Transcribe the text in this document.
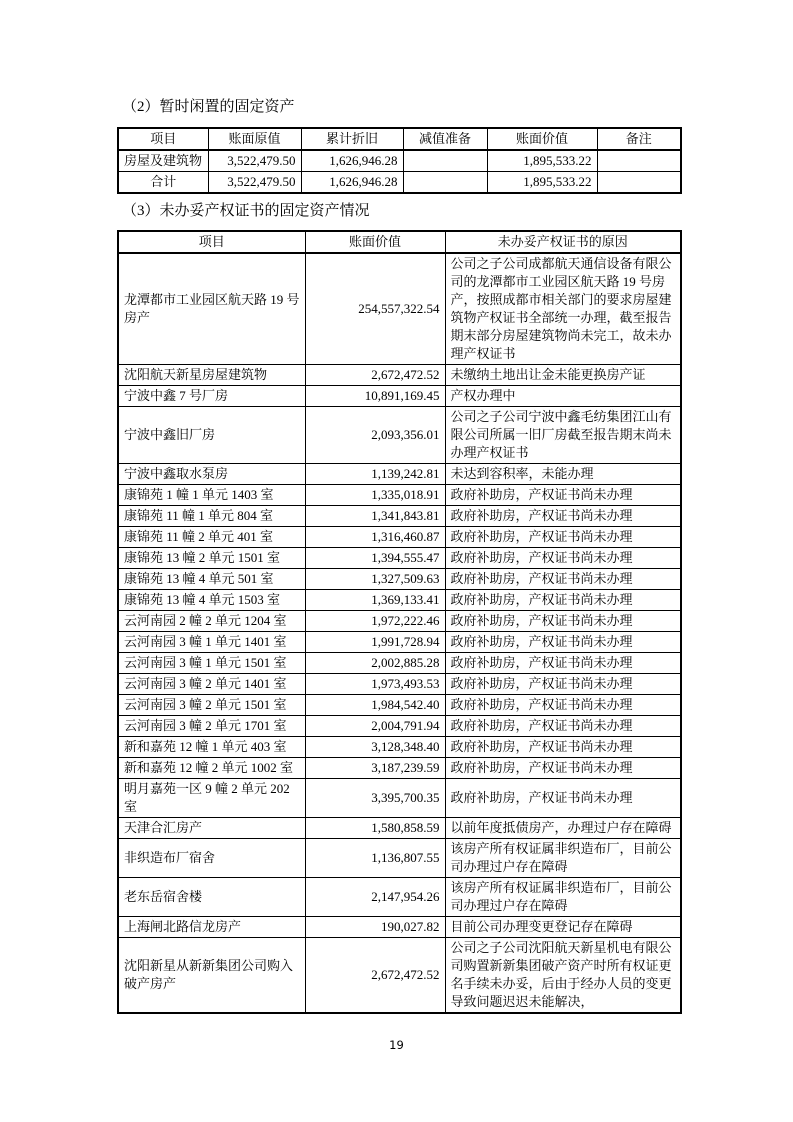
（2）暂时闲置的固定资产
项目	账面原值	累计折旧	减值准备	账面价值	备注
房屋及建筑物	3,522,479.50	1,626,946.28		1,895,533.22	
合计	3,522,479.50	1,626,946.28		1,895,533.22	
（3）未办妥产权证书的固定资产情况
项目	账面价值	未办妥产权证书的原因
龙潭都市工业园区航天路 19 号房产	254,557,322.54	公司之子公司成都航天通信设备有限公司的龙潭都市工业园区航天路 19 号房产，按照成都市相关部门的要求房屋建筑物产权证书全部统一办理，截至报告期末部分房屋建筑物尚未完工，故未办理产权证书
沈阳航天新星房屋建筑物	2,672,472.52	未缴纳土地出让金未能更换房产证
宁波中鑫 7 号厂房	10,891,169.45	产权办理中
宁波中鑫旧厂房	2,093,356.01	公司之子公司宁波中鑫毛纺集团江山有限公司所属一旧厂房截至报告期末尚未办理产权证书
宁波中鑫取水泵房	1,139,242.81	未达到容积率，未能办理
康锦苑 1 幢 1 单元 1403 室	1,335,018.91	政府补助房，产权证书尚未办理
康锦苑 11 幢 1 单元 804 室	1,341,843.81	政府补助房，产权证书尚未办理
康锦苑 11 幢 2 单元 401 室	1,316,460.87	政府补助房，产权证书尚未办理
康锦苑 13 幢 2 单元 1501 室	1,394,555.47	政府补助房，产权证书尚未办理
康锦苑 13 幢 4 单元 501 室	1,327,509.63	政府补助房，产权证书尚未办理
康锦苑 13 幢 4 单元 1503 室	1,369,133.41	政府补助房，产权证书尚未办理
云河南园 2 幢 2 单元 1204 室	1,972,222.46	政府补助房，产权证书尚未办理
云河南园 3 幢 1 单元 1401 室	1,991,728.94	政府补助房，产权证书尚未办理
云河南园 3 幢 1 单元 1501 室	2,002,885.28	政府补助房，产权证书尚未办理
云河南园 3 幢 2 单元 1401 室	1,973,493.53	政府补助房，产权证书尚未办理
云河南园 3 幢 2 单元 1501 室	1,984,542.40	政府补助房，产权证书尚未办理
云河南园 3 幢 2 单元 1701 室	2,004,791.94	政府补助房，产权证书尚未办理
新和嘉苑 12 幢 1 单元 403 室	3,128,348.40	政府补助房，产权证书尚未办理
新和嘉苑 12 幢 2 单元 1002 室	3,187,239.59	政府补助房，产权证书尚未办理
明月嘉苑一区 9 幢 2 单元 202 室	3,395,700.35	政府补助房，产权证书尚未办理
天津合汇房产	1,580,858.59	以前年度抵债房产，办理过户存在障碍
非织造布厂宿舍	1,136,807.55	该房产所有权证属非织造布厂，目前公司办理过户存在障碍
老东岳宿舍楼	2,147,954.26	该房产所有权证属非织造布厂，目前公司办理过户存在障碍
上海闸北路信龙房产	190,027.82	目前公司办理变更登记存在障碍
沈阳新星从新新集团公司购入破产房产	2,672,472.52	公司之子公司沈阳航天新星机电有限公司购置新新集团破产资产时所有权证更名手续未办妥，后由于经办人员的变更导致问题迟迟未能解决，
19
